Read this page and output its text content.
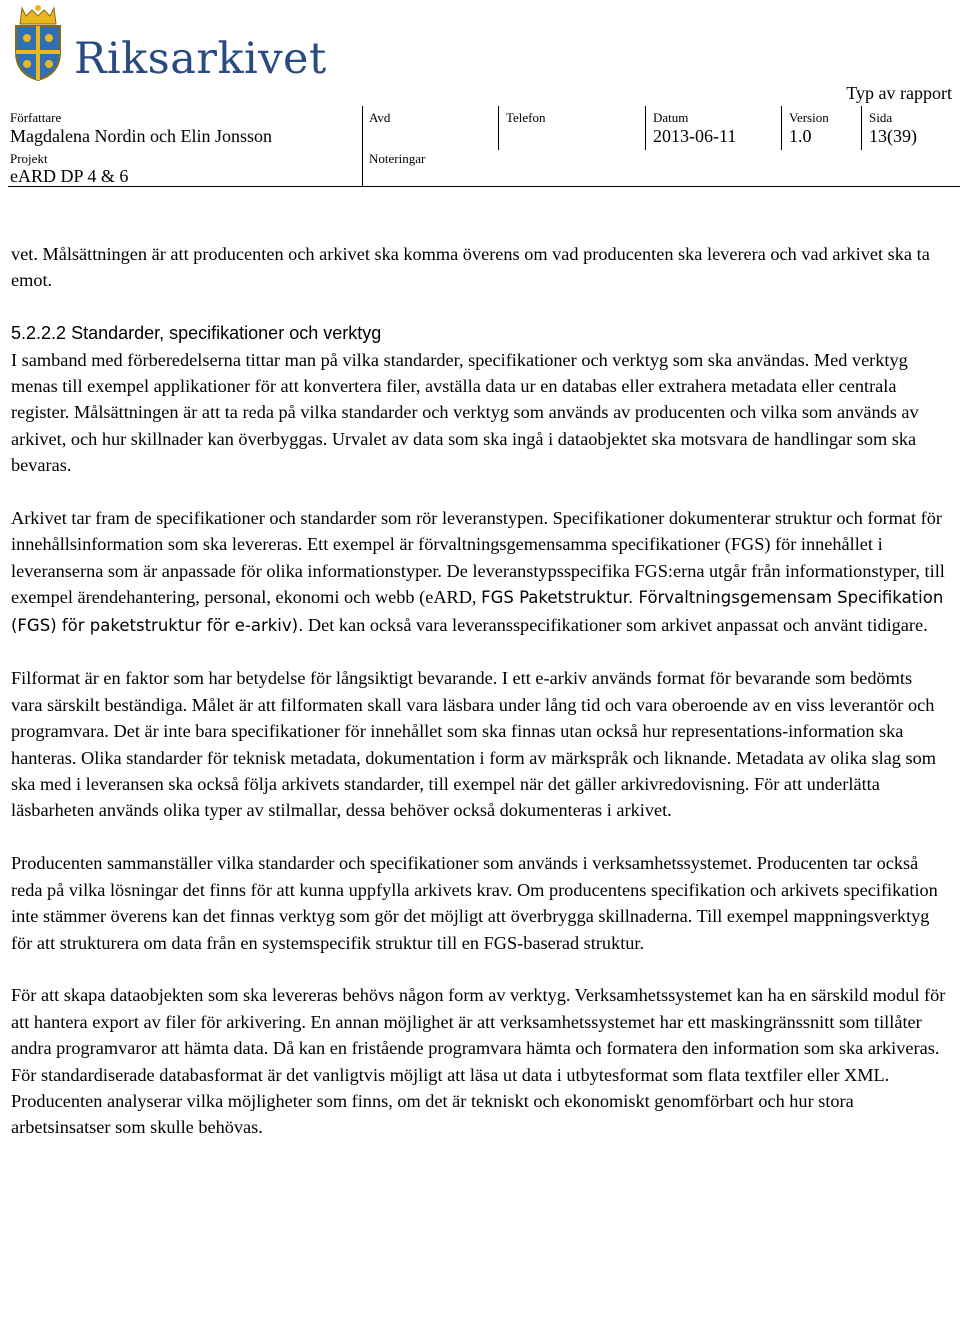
Riksarkivet
Typ av rapport
Författare
Magdalena Nordin och Elin Jonsson
Projekt
eARD DP 4 & 6
Avd
Noteringar
Telefon	Datum
2013-06-11
Version
1.0
Sida
13(39)

vet. Målsättningen är att producenten och arkivet ska komma överens om vad producenten ska leverera och vad arkivet ska ta emot.

5.2.2.2 Standarder, specifikationer och verktyg

I samband med förberedelserna tittar man på vilka standarder, specifikationer och verktyg som ska användas. Med verktyg menas till exempel applikationer för att konvertera filer, avställa data ur en databas eller extrahera metadata eller centrala register. Målsättningen är att ta reda på vilka standarder och verktyg som används av producenten och vilka som används av arkivet, och hur skillnader kan överbyggas. Urvalet av data som ska ingå i dataobjektet ska motsvara de handlingar som ska bevaras.

Arkivet tar fram de specifikationer och standarder som rör leveranstypen. Specifikationer dokumenterar struktur och format för innehållsinformation som ska levereras. Ett exempel är förvaltningsgemensamma specifikationer (FGS) för innehållet i leveranserna som är anpassade för olika informationstyper. De leveranstypsspecifika FGS:erna utgår från informationstyper, till exempel ärendehantering, personal, ekonomi och webb (eARD, FGS Paketstruktur. Förvaltningsgemensam Specifikation (FGS) för paketstruktur för e-arkiv). Det kan också vara leveransspecifikationer som arkivet anpassat och använt tidigare.

Filformat är en faktor som har betydelse för långsiktigt bevarande. I ett e-arkiv används format för bevarande som bedömts vara särskilt beständiga. Målet är att filformaten skall vara läsbara under lång tid och vara oberoende av en viss leverantör och programvara. Det är inte bara specifikationer för innehållet som ska finnas utan också hur representations-information ska hanteras. Olika standarder för teknisk metadata, dokumentation i form av märkspråk och liknande. Metadata av olika slag som ska med i leveransen ska också följa arkivets standarder, till exempel när det gäller arkivredovisning. För att underlätta läsbarheten används olika typer av stilmallar, dessa behöver också dokumenteras i arkivet.

Producenten sammanställer vilka standarder och specifikationer som används i verksamhetssystemet. Producenten tar också reda på vilka lösningar det finns för att kunna uppfylla arkivets krav. Om producentens specifikation och arkivets specifikation inte stämmer överens kan det finnas verktyg som gör det möjligt att överbrygga skillnaderna. Till exempel mappningsverktyg för att strukturera om data från en systemspecifik struktur till en FGS-baserad struktur.

För att skapa dataobjekten som ska levereras behövs någon form av verktyg. Verksamhetssystemet kan ha en särskild modul för att hantera export av filer för arkivering. En annan möjlighet är att verksamhetssystemet har ett maskingränssnitt som tillåter andra programvaror att hämta data. Då kan en fristående programvara hämta och formatera den information som ska arkiveras. För standardiserade databasformat är det vanligtvis möjligt att läsa ut data i utbytesformat som flata textfiler eller XML. Producenten analyserar vilka möjligheter som finns, om det är tekniskt och ekonomiskt genomförbart och hur stora arbetsinsatser som skulle behövas.
